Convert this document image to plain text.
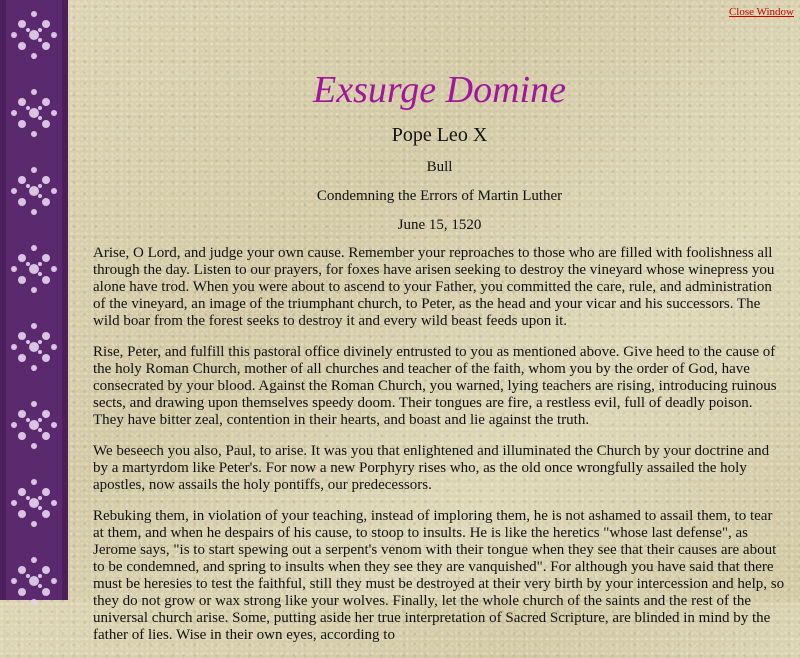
Close Window
Exsurge Domine
Pope Leo X
Bull
Condemning the Errors of Martin Luther
June 15, 1520

Arise, O Lord, and judge your own cause. Remember your reproaches to those who are filled with foolishness all through the day. Listen to our prayers, for foxes have arisen seeking to destroy the vineyard whose winepress you alone have trod. When you were about to ascend to your Father, you committed the care, rule, and administration of the vineyard, an image of the triumphant church, to Peter, as the head and your vicar and his successors. The wild boar from the forest seeks to destroy it and every wild beast feeds upon it.

Rise, Peter, and fulfill this pastoral office divinely entrusted to you as mentioned above. Give heed to the cause of the holy Roman Church, mother of all churches and teacher of the faith, whom you by the order of God, have consecrated by your blood. Against the Roman Church, you warned, lying teachers are rising, introducing ruinous sects, and drawing upon themselves speedy doom. Their tongues are fire, a restless evil, full of deadly poison. They have bitter zeal, contention in their hearts, and boast and lie against the truth.

We beseech you also, Paul, to arise. It was you that enlightened and illuminated the Church by your doctrine and by a martyrdom like Peter's. For now a new Porphyry rises who, as the old once wrongfully assailed the holy apostles, now assails the holy pontiffs, our predecessors.

Rebuking them, in violation of your teaching, instead of imploring them, he is not ashamed to assail them, to tear at them, and when he despairs of his cause, to stoop to insults. He is like the heretics "whose last defense", as Jerome says, "is to start spewing out a serpent's venom with their tongue when they see that their causes are about to be condemned, and spring to insults when they see they are vanquished". For although you have said that there must be heresies to test the faithful, still they must be destroyed at their very birth by your intercession and help, so they do not grow or wax strong like your wolves. Finally, let the whole church of the saints and the rest of the universal church arise. Some, putting aside her true interpretation of Sacred Scripture, are blinded in mind by the father of lies. Wise in their own eyes, according to
